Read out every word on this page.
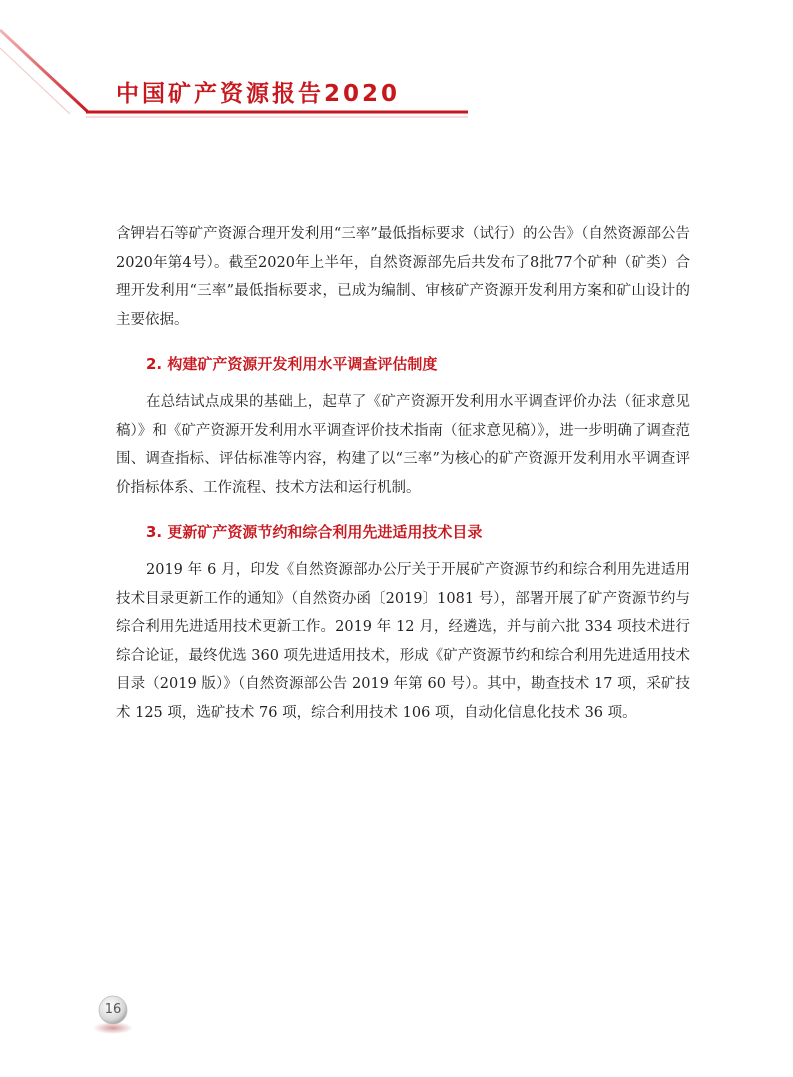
中国矿产资源报告2020

含钾岩石等矿产资源合理开发利用“三率”最低指标要求（试行）的公告》（自然资源部公告2020年第4号）。截至2020年上半年，自然资源部先后共发布了8批77个矿种（矿类）合理开发利用“三率”最低指标要求，已成为编制、审核矿产资源开发利用方案和矿山设计的主要依据。

2. 构建矿产资源开发利用水平调查评估制度

在总结试点成果的基础上，起草了《矿产资源开发利用水平调查评价办法（征求意见稿）》和《矿产资源开发利用水平调查评价技术指南（征求意见稿）》，进一步明确了调查范围、调查指标、评估标准等内容，构建了以“三率”为核心的矿产资源开发利用水平调查评价指标体系、工作流程、技术方法和运行机制。

3. 更新矿产资源节约和综合利用先进适用技术目录

2019 年 6 月，印发《自然资源部办公厅关于开展矿产资源节约和综合利用先进适用技术目录更新工作的通知》（自然资办函〔2019〕1081 号），部署开展了矿产资源节约与综合利用先进适用技术更新工作。2019 年 12 月，经遴选，并与前六批 334 项技术进行综合论证，最终优选 360 项先进适用技术，形成《矿产资源节约和综合利用先进适用技术目录（2019 版）》（自然资源部公告 2019 年第 60 号）。其中，勘查技术 17 项，采矿技术 125 项，选矿技术 76 项，综合利用技术 106 项，自动化信息化技术 36 项。

16
